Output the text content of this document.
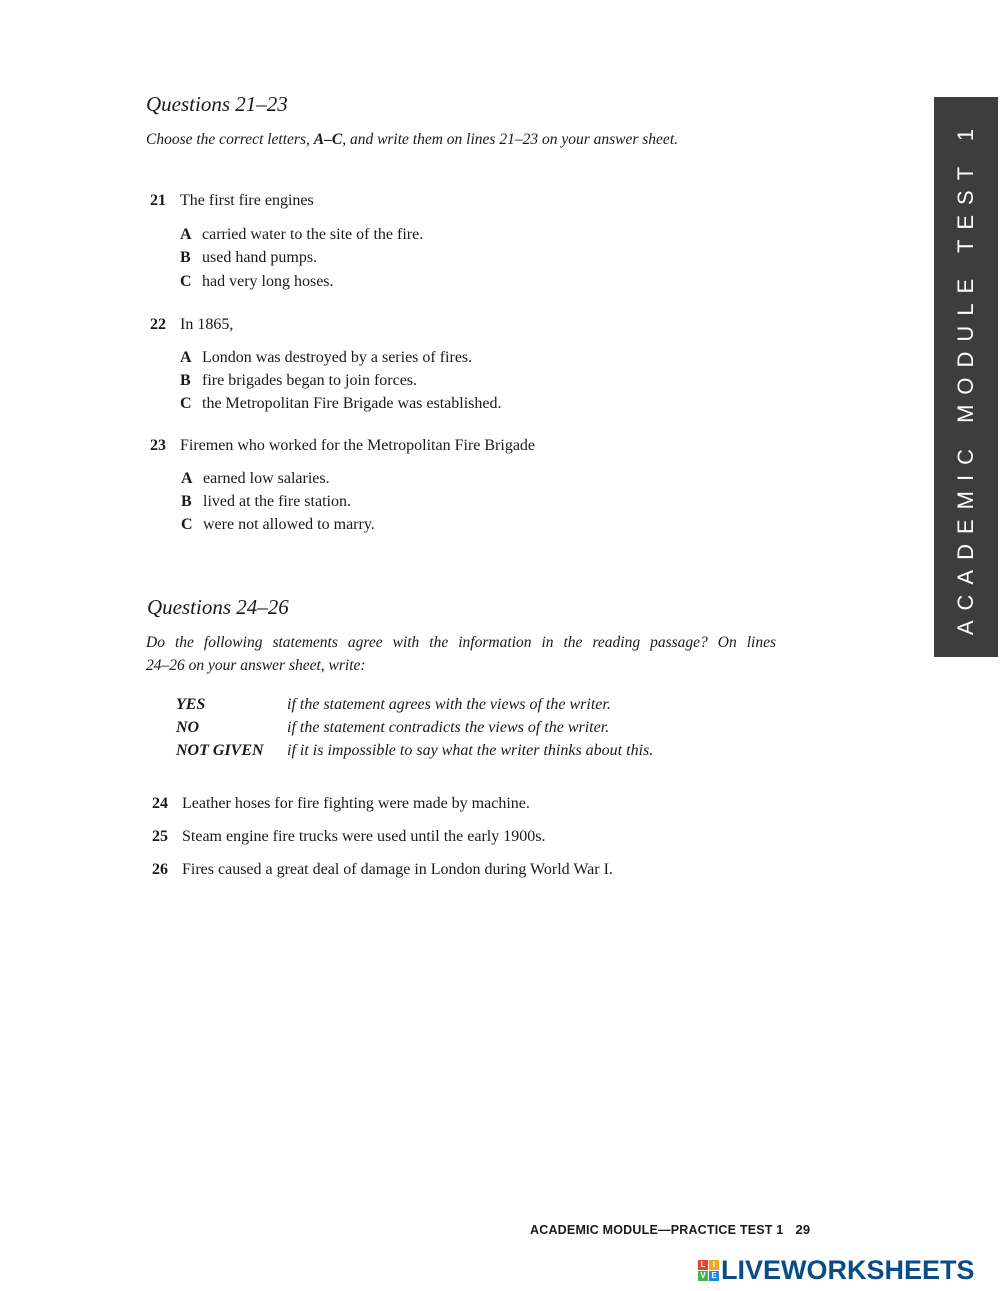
Questions 21–23
Choose the correct letters, A–C, and write them on lines 21–23 on your answer sheet.
21 The first fire engines
A carried water to the site of the fire.
B used hand pumps.
C had very long hoses.
22 In 1865,
A London was destroyed by a series of fires.
B fire brigades began to join forces.
C the Metropolitan Fire Brigade was established.
23 Firemen who worked for the Metropolitan Fire Brigade
A earned low salaries.
B lived at the fire station.
C were not allowed to marry.
Questions 24–26
Do the following statements agree with the information in the reading passage? On lines
24–26 on your answer sheet, write:
YES	if the statement agrees with the views of the writer.
NO	if the statement contradicts the views of the writer.
NOT GIVEN if it is impossible to say what the writer thinks about this.
24 Leather hoses for fire fighting were made by machine.
25 Steam engine fire trucks were used until the early 1900s.
26 Fires caused a great deal of damage in London during World War I.
ACADEMIC MODULE TEST 1
ACADEMIC MODULE—PRACTICE TEST 1 29
L I
V E LIVEWORKSHEETS
